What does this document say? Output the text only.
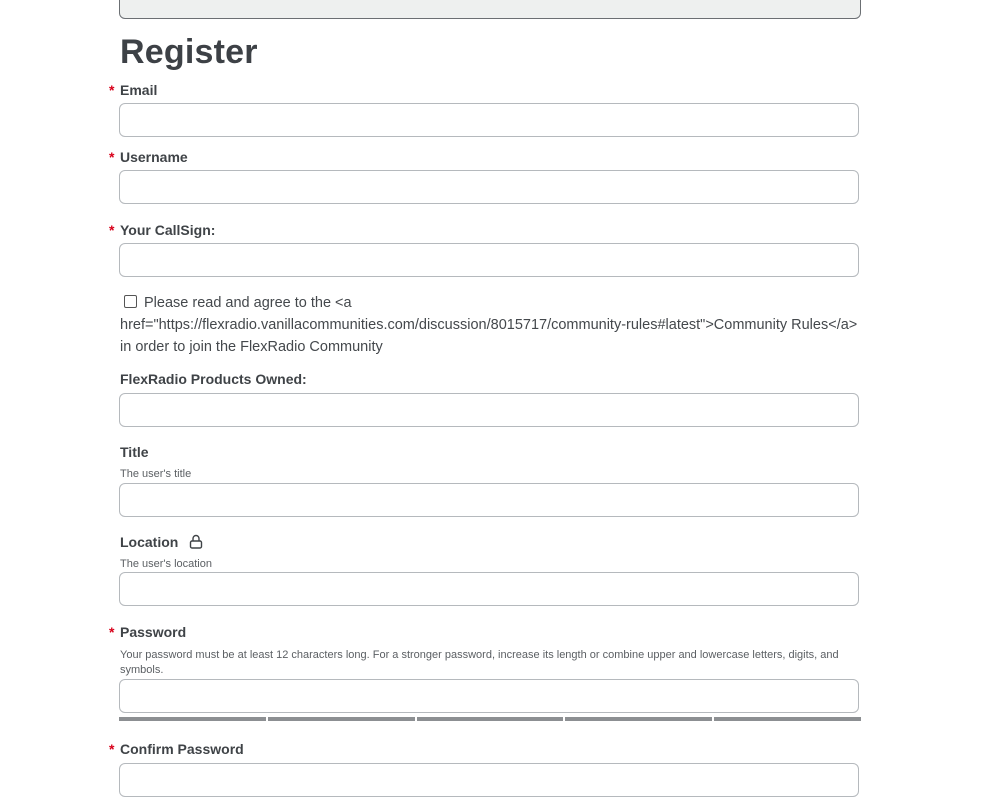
Register
* Email
* Username
* Your CallSign:
Please read and agree to the <a href="https://flexradio.vanillacommunities.com/discussion/8015717/community-rules#latest">Community Rules</a> in order to join the FlexRadio Community
FlexRadio Products Owned:
Title
The user's title
Location
The user's location
* Password
Your password must be at least 12 characters long. For a stronger password, increase its length or combine upper and lowercase letters, digits, and symbols.
* Confirm Password
